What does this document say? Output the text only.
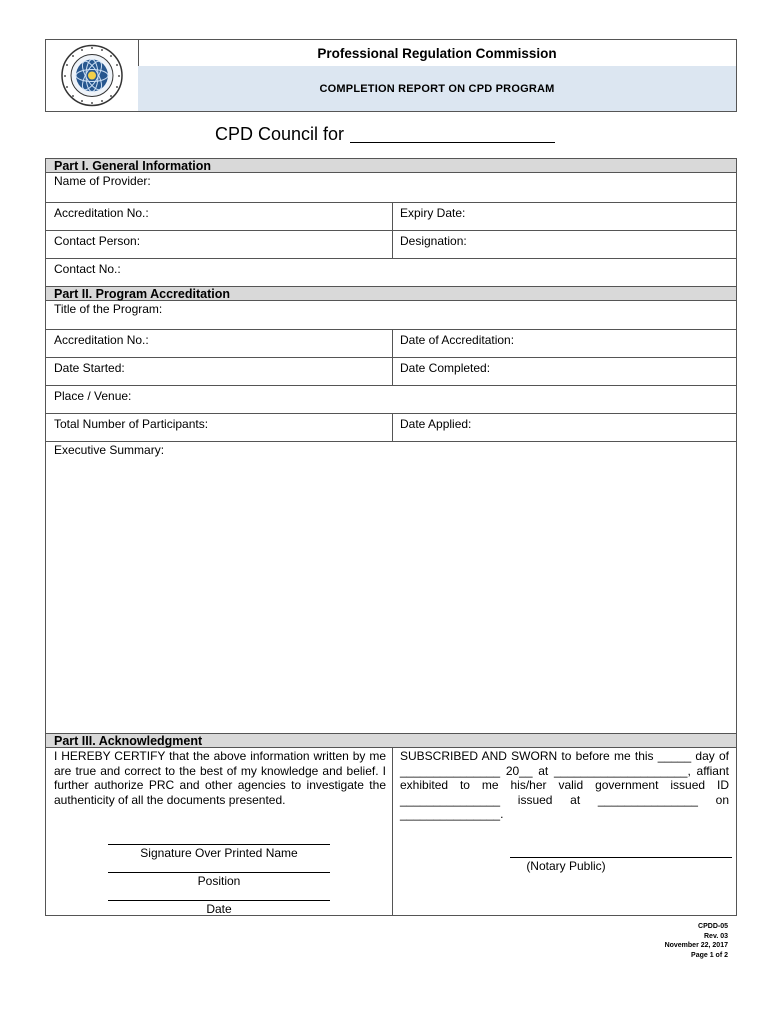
Professional Regulation Commission
COMPLETION REPORT ON CPD PROGRAM
CPD Council for
Part I. General Information
Name of Provider:
Accreditation No.:	Expiry Date:
Contact Person:	Designation:
Contact No.:
Part II. Program Accreditation
Title of the Program:
Accreditation No.:	Date of Accreditation:
Date Started:	Date Completed:
Place / Venue:
Total Number of Participants:	Date Applied:
Executive Summary:
Part III. Acknowledgment
I HEREBY CERTIFY that the above information written by me are true and correct to the best of my knowledge and belief. I further authorize PRC and other agencies to investigate the authenticity of all the documents presented.
Signature Over Printed Name
Position
Date
SUBSCRIBED AND SWORN to before me this _____ day of _______________ 20__ at ____________________, affiant exhibited to me his/her valid government issued ID _______________ issued at _______________ on _______________.
(Notary Public)
CPDD-05
Rev. 03
November 22, 2017
Page 1 of 2
